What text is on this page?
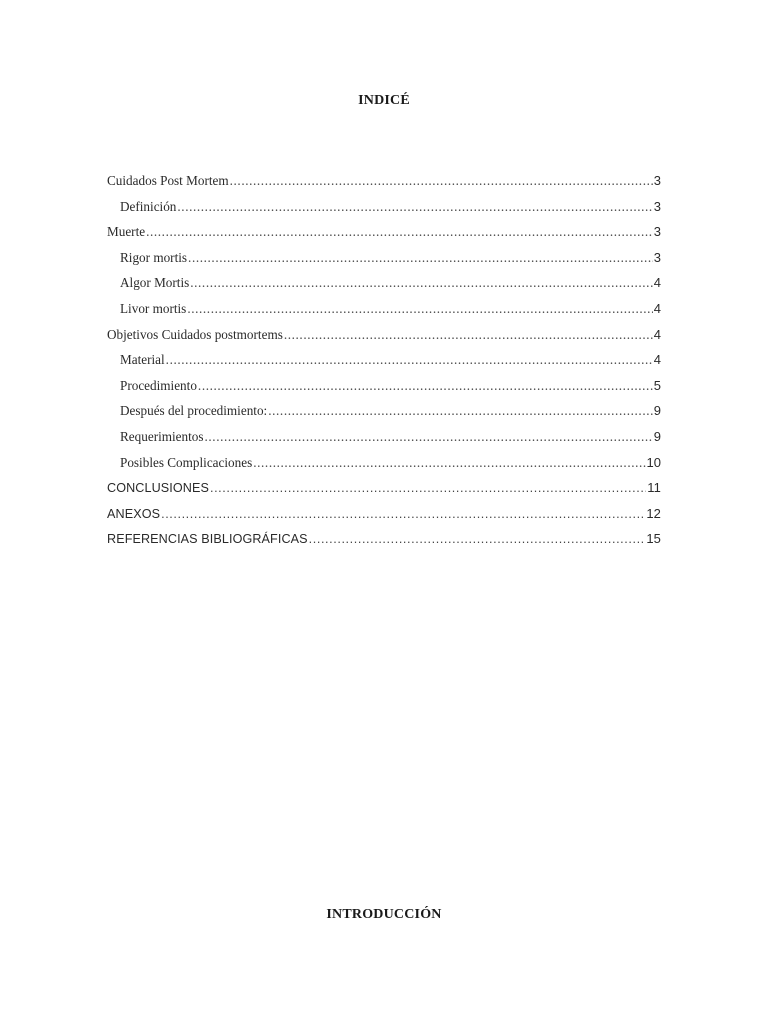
INDICÉ
Cuidados Post Mortem .....	3
Definición .....	3
Muerte .....	3
Rigor mortis .....	3
Algor Mortis .....	4
Livor mortis .....	4
Objetivos Cuidados postmortems .....	4
Material .....	4
Procedimiento .....	5
Después del procedimiento: .....	9
Requerimientos .....	9
Posibles Complicaciones .....	10
CONCLUSIONES .....	11
ANEXOS .....	12
REFERENCIAS BIBLIOGRÁFICAS .....	15
INTRODUCCIÓN
